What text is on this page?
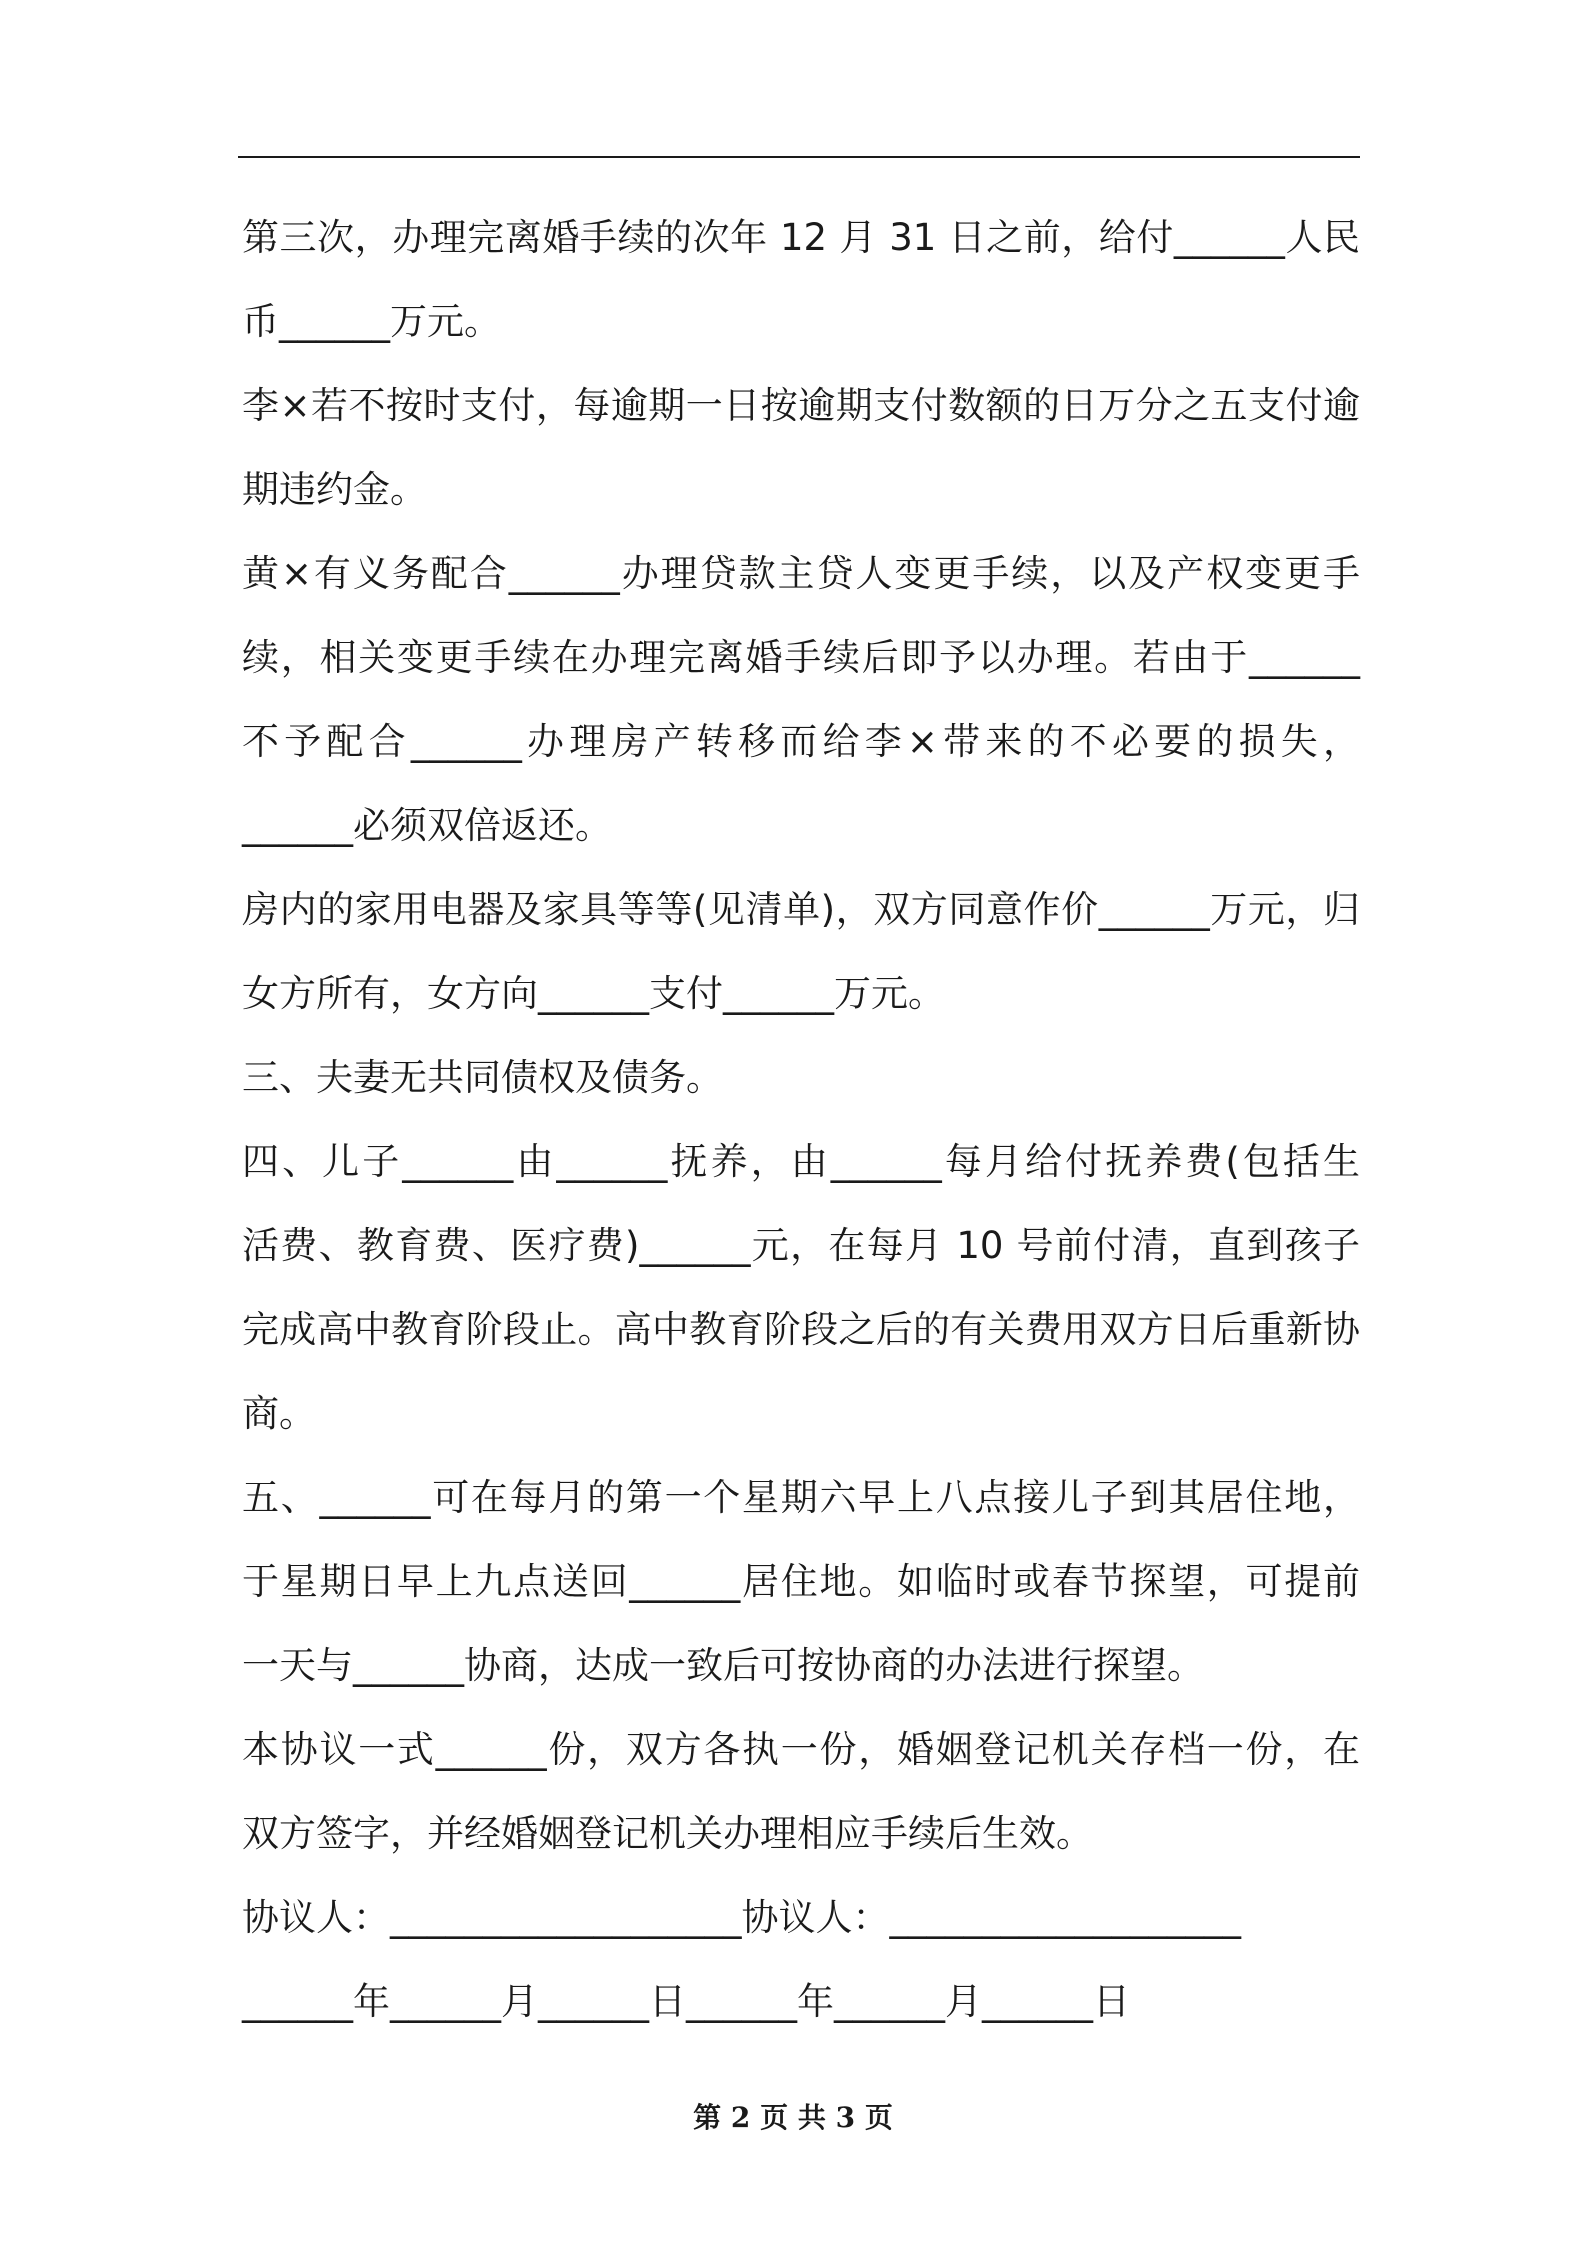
第三次，办理完离婚手续的次年 12 月 31 日之前，给付______人民
币______万元。
李×若不按时支付，每逾期一日按逾期支付数额的日万分之五支付逾
期违约金。
黄×有义务配合______办理贷款主贷人变更手续，以及产权变更手
续，相关变更手续在办理完离婚手续后即予以办理。若由于______
不予配合______办理房产转移而给李×带来的不必要的损失，
______必须双倍返还。
房内的家用电器及家具等等(见清单)，双方同意作价______万元，归
女方所有，女方向______支付______万元。
三、夫妻无共同债权及债务。
四、儿子______由______抚养，由______每月给付抚养费(包括生
活费、教育费、医疗费)______元，在每月 10 号前付清，直到孩子
完成高中教育阶段止。高中教育阶段之后的有关费用双方日后重新协
商。
五、______可在每月的第一个星期六早上八点接儿子到其居住地，
于星期日早上九点送回______居住地。如临时或春节探望，可提前
一天与______协商，达成一致后可按协商的办法进行探望。
本协议一式______份，双方各执一份，婚姻登记机关存档一份，在
双方签字，并经婚姻登记机关办理相应手续后生效。
协议人：___________________协议人：___________________
______年______月______日______年______月______日
第 2 页 共 3 页
